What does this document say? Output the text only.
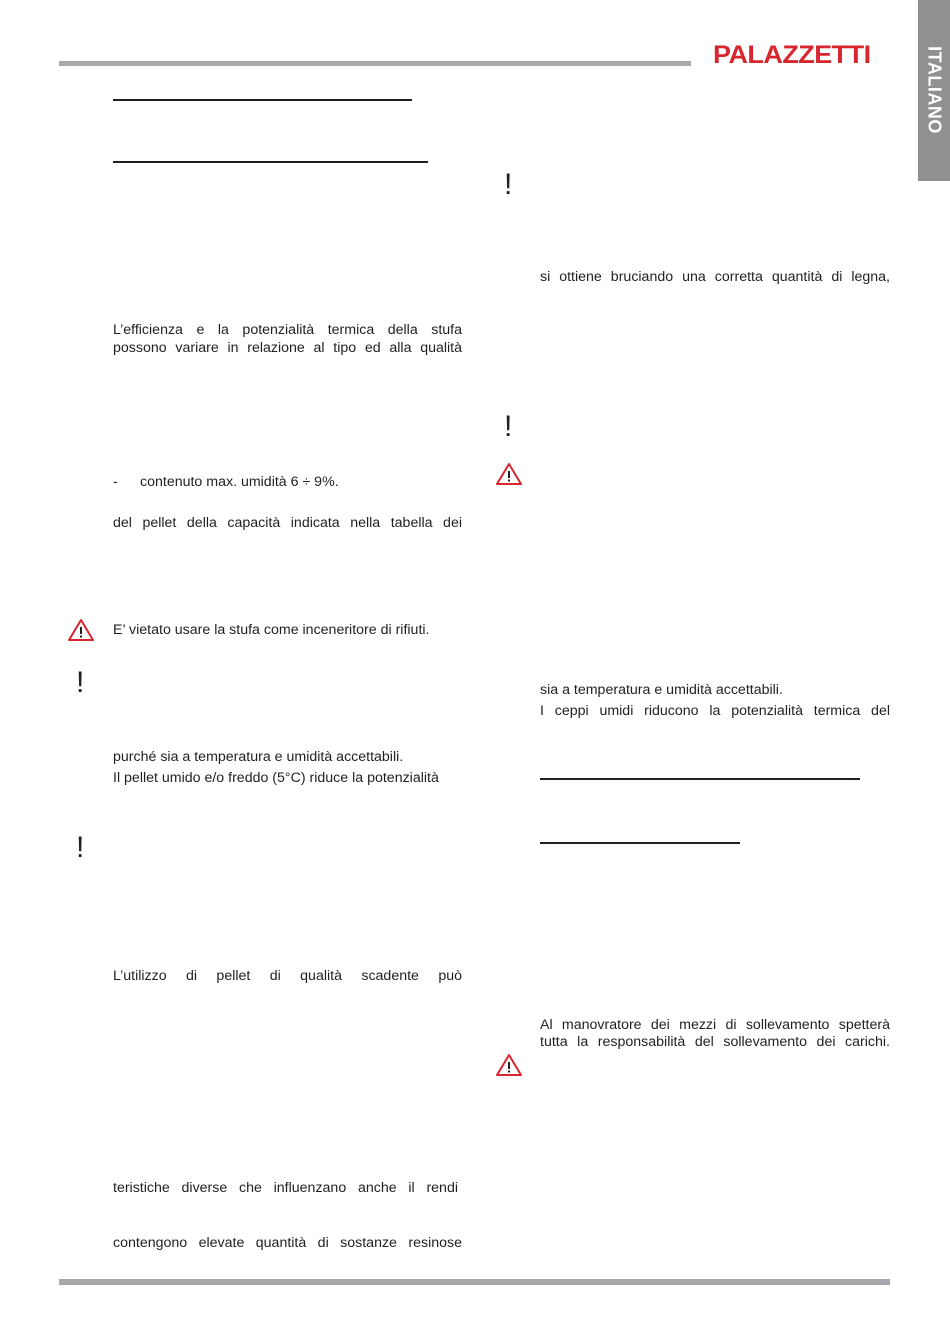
PALAZZETTI	ITALIANO
L’efficienza e la potenzialità termica della stufa
possono variare in relazione al tipo ed alla qualità
- contenuto max. umidità 6 ÷ 9%.
del pellet della capacità indicata nella tabella dei
E’ vietato usare la stufa come inceneritore di rifiuti.
!
purché sia a temperatura e umidità accettabili.
Il pellet umido e/o freddo (5°C) riduce la potenzialità
!
L’utilizzo di pellet di qualità scadente può
teristiche diverse che influenzano anche il rendi
contengono elevate quantità di sostanze resinose
!
si ottiene bruciando una corretta quantità di legna,
!
sia a temperatura e umidità accettabili.
I ceppi umidi riducono la potenzialità termica del
Al manovratore dei mezzi di sollevamento spetterà
tutta la responsabilità del sollevamento dei carichi.
